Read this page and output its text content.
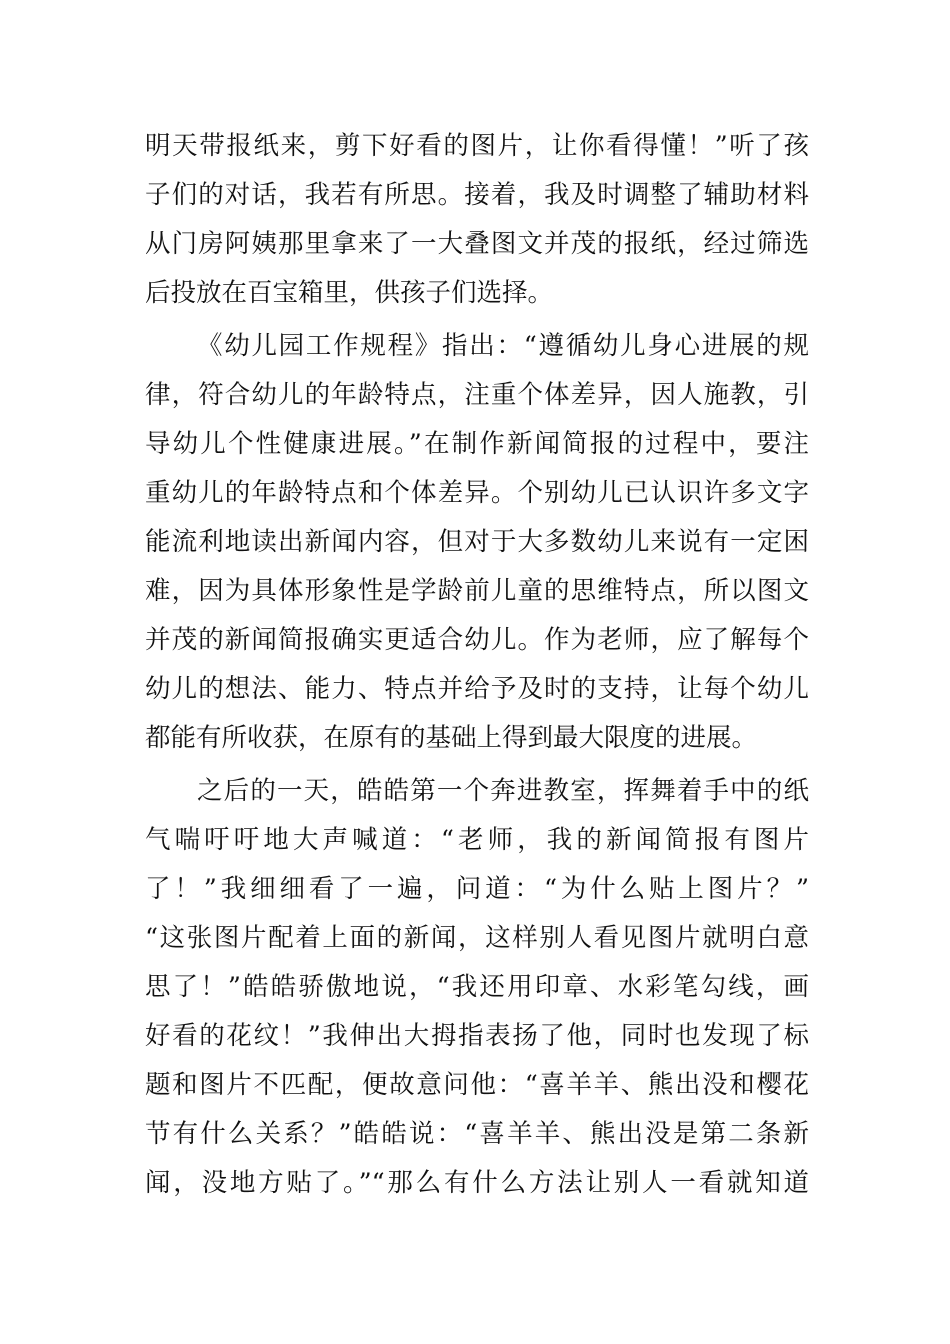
明天带报纸来，剪下好看的图片，让你看得懂！”听了孩
子们的对话，我若有所思。接着，我及时调整了辅助材料
从门房阿姨那里拿来了一大叠图文并茂的报纸，经过筛选
后投放在百宝箱里，供孩子们选择。
《幼儿园工作规程》指出：“遵循幼儿身心进展的规
律，符合幼儿的年龄特点，注重个体差异，因人施教，引
导幼儿个性健康进展。”在制作新闻简报的过程中，要注
重幼儿的年龄特点和个体差异。个别幼儿已认识许多文字
能流利地读出新闻内容，但对于大多数幼儿来说有一定困
难，因为具体形象性是学龄前儿童的思维特点，所以图文
并茂的新闻简报确实更适合幼儿。作为老师，应了解每个
幼儿的想法、能力、特点并给予及时的支持，让每个幼儿
都能有所收获，在原有的基础上得到最大限度的进展。
之后的一天，皓皓第一个奔进教室，挥舞着手中的纸
气喘吁吁地大声喊道：“老师，我的新闻简报有图片
了！”我细细看了一遍，问道：“为什么贴上图片？”
“这张图片配着上面的新闻，这样别人看见图片就明白意
思了！”皓皓骄傲地说，“我还用印章、水彩笔勾线，画
好看的花纹！”我伸出大拇指表扬了他，同时也发现了标
题和图片不匹配，便故意问他：“喜羊羊、熊出没和樱花
节有什么关系？”皓皓说：“喜羊羊、熊出没是第二条新
闻，没地方贴了。”“那么有什么方法让别人一看就知道
